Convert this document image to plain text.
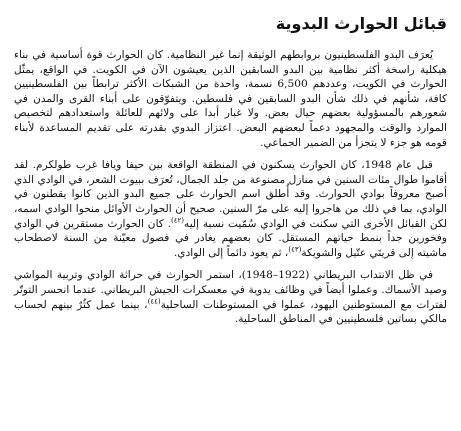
قبائل الحوارث البدوية

يُعرَف البدو الفلسطينيون بروابطهم الوثيقة إنما غير النظامية. كان الحوارث قوة أساسية في بناء هيكلية راسخة أكثر نظامية بين البدو السابقين الذين يعيشون الآن في الكويت. في الواقع، يمثّل الحوارث في الكويت، وعددهم 6,500 نسمة، واحدة من الشبكات الأكثر ترابطاً بين الفلسطينيين كافة، شأنهم في ذلك شأن البدو السابقين في فلسطين. ويتفوّقون على أبناء القرى والمدن في شعورهم بالمسؤولية بعضهم حيال بعض. ولا غبار أبدا على ولائهم للعائلة واستعدادهم لتخصيص الموارد والوقت والمجهود دعماً لبعضهم البعض. اعتزاز البدوي بقدرته على تقديم المساعدة لأبناء قومه هو جزء لا يتجزأ من الضمير الجماعي.

قبل عام 1948، كان الحوارث يسكنون في المنطقة الواقعة بين حيفا ويافا غرب طولكرم. لقد أقاموا طوال مئات السنين في منازل مصنوعة من جلد الجمال، تُعرَف ببيوت الشعر، في الوادي الذي أصبح معروفاً بوادي الحوارث. وقد أُطلق اسم الحوارث على جميع البدو الذين كانوا يقطنون في الوادي، بما في ذلك من هاجروا إليه على مرّ السنين. صحيح أن الحوارث الأوائل منحوا الوادي اسمه، لكن القبائل الأخرى التي سكنت في الوادي سُمّيت نسبة إليه$^{(٤٢)}$. كان الحوارث مستقرين في الوادي وفخورين جداً بنمط حياتهم المستقل. كان بعضهم يغادر في فصول معيّنة من السنة لاصطحاب ماشيته إلى قريتَي عتّيل والشويكة$^{(٤٣)}$، ثم يعود دائماً إلى الوادي.

في ظل الانتداب البريطاني (1922–1948)، استمر الحوارث في حراثة الوادي وتربية المواشي وصيد الأسماك. وعملوا أيضاً في وظائف يدوية في معسكرات الجيش البريطاني. عندما انحسر التوتّر لفترات مع المستوطنين اليهود، عملوا في المستوطنات الساحلية$^{(٤٤)}$، بينما عمل كثُرٌ بينهم لحساب مالكي بساتين فلسطينيين في المناطق الساحلية.
